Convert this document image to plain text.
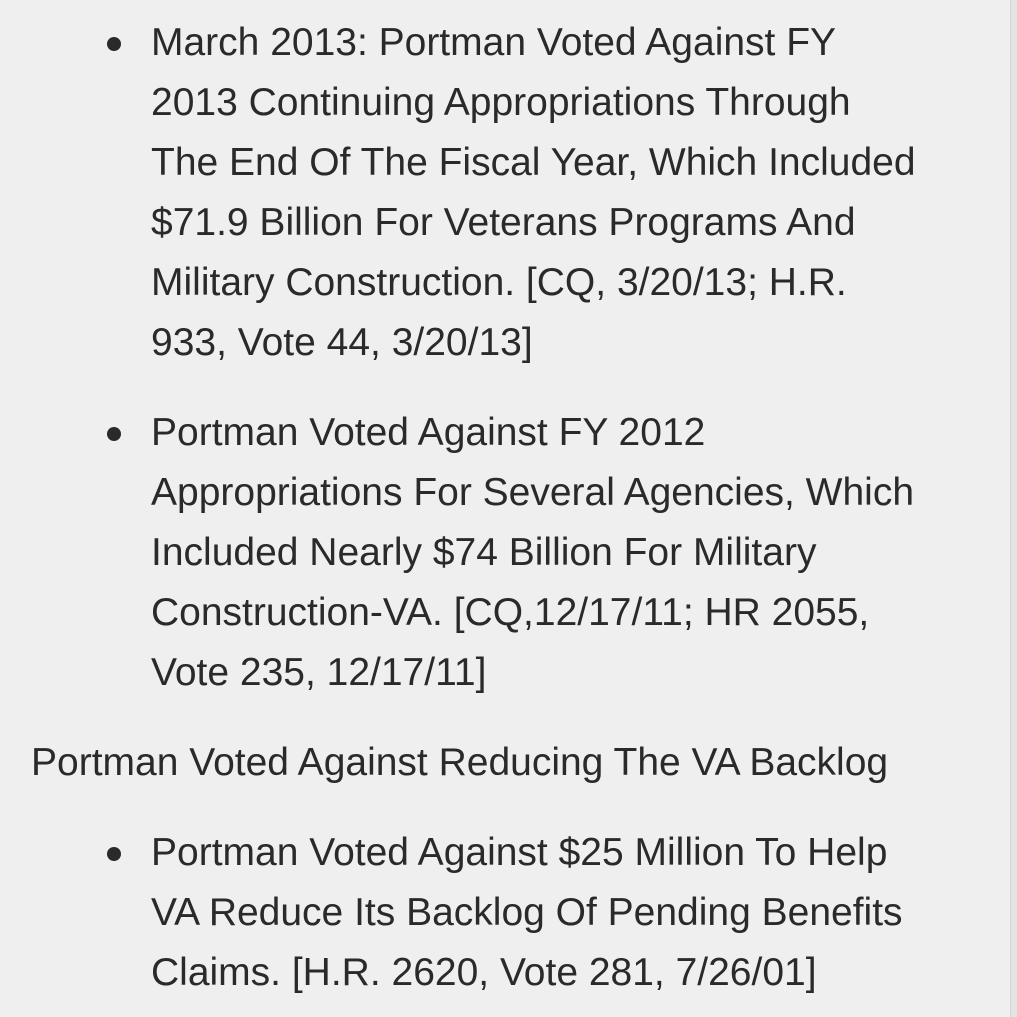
March 2013: Portman Voted Against FY
2013 Continuing Appropriations Through
The End Of The Fiscal Year, Which Included
$71.9 Billion For Veterans Programs And
Military Construction. [CQ, 3/20/13; H.R.
933, Vote 44, 3/20/13]

Portman Voted Against FY 2012
Appropriations For Several Agencies, Which
Included Nearly $74 Billion For Military
Construction-VA. [CQ,12/17/11; HR 2055,
Vote 235, 12/17/11]

Portman Voted Against Reducing The VA Backlog

Portman Voted Against $25 Million To Help
VA Reduce Its Backlog Of Pending Benefits
Claims. [H.R. 2620, Vote 281, 7/26/01]
